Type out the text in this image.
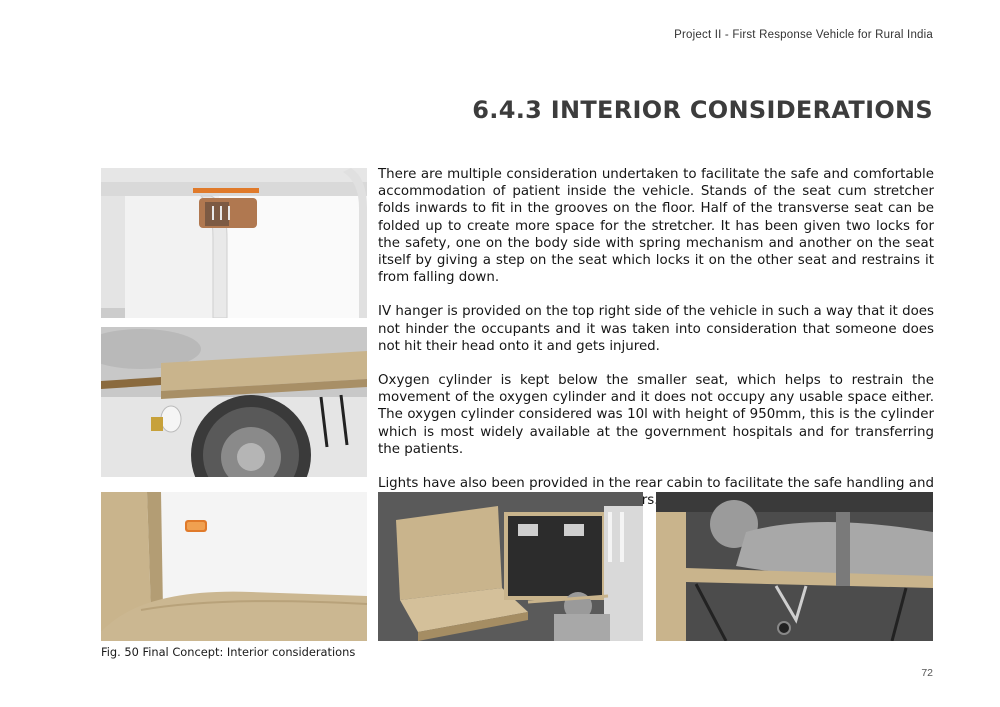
Project II - First Response Vehicle for Rural India
6.4.3 INTERIOR CONSIDERATIONS

There are multiple consideration undertaken to facilitate the safe and comfortable accommodation of patient inside the vehicle. Stands of the seat cum stretcher folds inwards to fit in the grooves on the floor. Half of the transverse seat can be folded up to create more space for the stretcher. It has been given two locks for the safety, one on the body side with spring mechanism and another on the seat itself by giving a step on the seat which locks it on the other seat and restrains it from falling down.

IV hanger is provided on the top right side of the vehicle in such a way that it does not hinder the occupants and it was taken into consideration that someone does not hit their head onto it and gets injured.

Oxygen cylinder is kept below the smaller seat, which helps to restrain the movement of the oxygen cylinder and it does not occupy any usable space either. The oxygen cylinder considered was 10l with height of 950mm, this is the cylinder which is most widely available at the government hospitals and for transferring the patients.

Lights have also been provided in the rear cabin to facilitate the safe handling and

Fig. 50 Final Concept: Interior considerations
72
